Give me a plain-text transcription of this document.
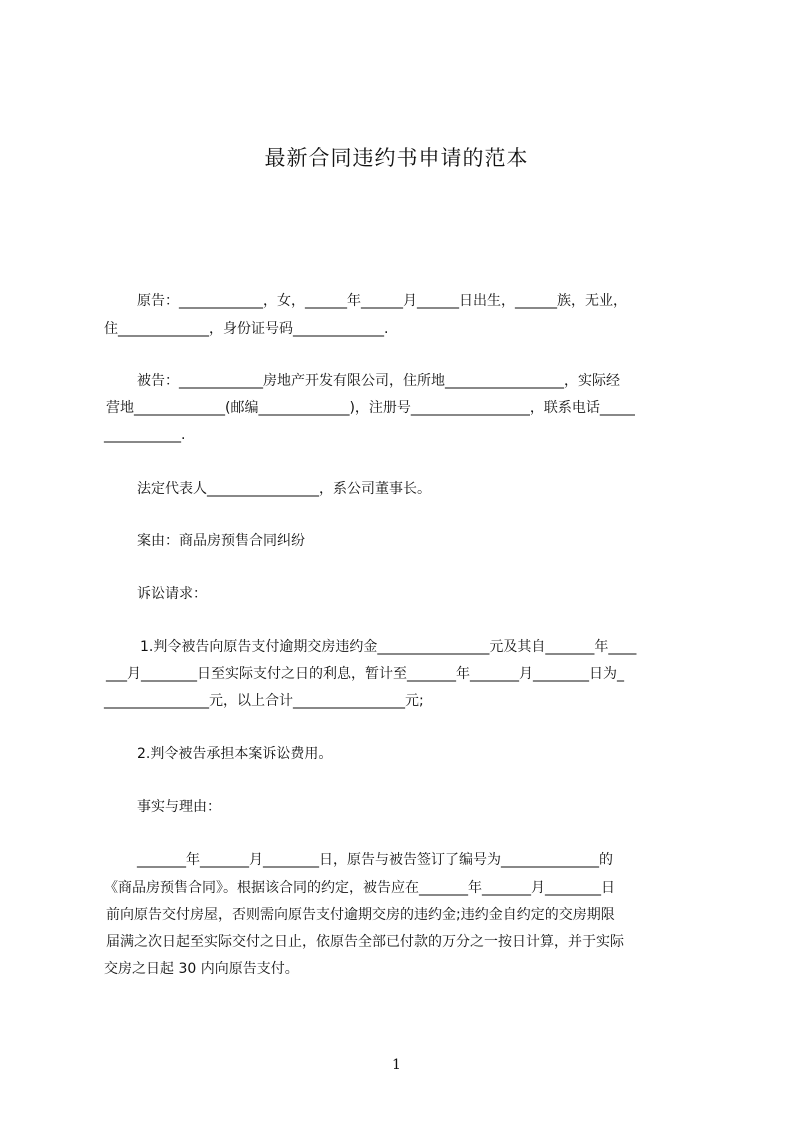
最新合同违约书申请的范本
原告：____________，女，______年______月______日出生，______族，无业，
住_____________，身份证号码_____________.
被告：____________房地产开发有限公司，住所地_________________，实际经
营地_____________(邮编_____________)，注册号_________________，联系电话_____
___________.
法定代表人________________，系公司董事长。
案由：商品房预售合同纠纷
诉讼请求：
1.判令被告向原告支付逾期交房违约金________________元及其自_______年____
___月________日至实际支付之日的利息，暂计至_______年_______月________日为_
_______________元，以上合计________________元;
2.判令被告承担本案诉讼费用。
事实与理由：
_______年_______月________日，原告与被告签订了编号为______________的
《商品房预售合同》。根据该合同的约定，被告应在_______年_______月________日
前向原告交付房屋，否则需向原告支付逾期交房的违约金;违约金自约定的交房期限
届满之次日起至实际交付之日止，依原告全部已付款的万分之一按日计算，并于实际
交房之日起 30 内向原告支付。
1
